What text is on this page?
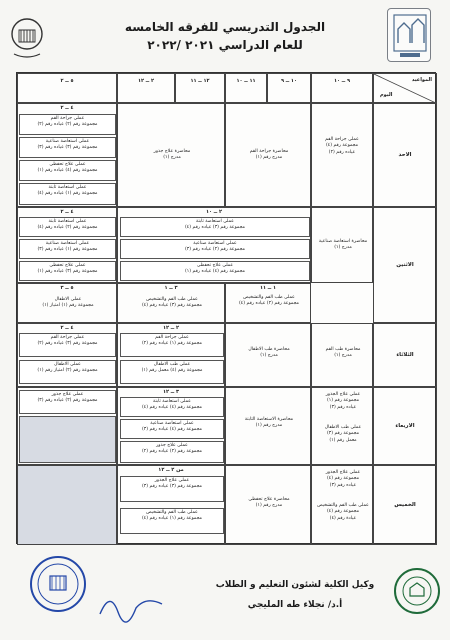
الجدول التدريسي للفرقه الخامسه
للعام الدراسي ٢٠٢١ /٢٠٢٢
المواعيد
اليوم
٩ ــ ١٠
١٠ ــ ٩
١١ ــ ١٠
١٢ ــ ١١
٢ ــ ١٢
٥ ــ ٢
الاحد
الاثنين
الثلاثاء
الاربعاء
الخميس
عملى جراحة الفم
مجموعة رقم (٤)
عياده رقم (٢)
محاضرة جراحة الفم
مدرج رقم (١)
محاضرة علاج جذور
مدرج (١)
٤ ــ ٢
عملى جراحة الفم
مجموعة رقم (٢) عياده رقم (٢)
عملى استعاضة صناعية
مجموعة رقم (٣) عياده رقم (٣)
عملى علاج تحفظى
مجموعة رقم (٤) عياده رقم (١)
عملى استعاضة ثابتة
مجموعة رقم (١) عياده رقم (٤)
محاضرة استعاضة صناعية
مدرج (١)
٢ ــ ١٠
عملى استعاضة ثابتة
مجموعة رقم (٣) عياده رقم (٤)
عملى استعاضة صناعية
مجموعة رقم (٢) عياده رقم (٣)
عملى علاج تحفظى
مجموعة رقم (٤) عياده رقم (١)
٤ ــ ٢
عملى استعاضة ثابتة
مجموعة رقم (٢) عياده رقم (٤)
عملى استعاضة صناعية
مجموعة رقم (١) عياده رقم (٣)
عملى علاج تحفظى
مجموعة رقم (٣) عياده رقم (١)
١ ــ ١١
عملى طب الفم والتشخيص
مجموعة رقم (٢) عياده رقم (٤)
٣ ــ ١
عملى طب الفم والتشخيص
مجموعة رقم (٣) عياده رقم (٤)
٥ ــ ٣
عملى الاطفال
مجموعة رقم (١) امتياز (١)
محاضرة طب الفم
مدرج (١)
محاضرة طب الاطفال
مدرج (١)
٢ ــ ١٢
عملى جراحة الفم
مجموعة رقم (١) عياده رقم (٢)
عملى طب الاطفال
مجموعة رقم (٤) معمل رقم (١)
٤ ــ ٢
عملى جراحة الفم
مجموعة رقم (٣) عياده رقم (٢)
عملى الاطفال
مجموعة رقم (٢) امتياز رقم (١)
عملى علاج الجذور
مجموعة رقم (١)
عياده رقم (٣)
عملى طب الاطفال
مجموعة رقم (٣)
معمل رقم (١)
محاضرة الاستعاضة الثابتة
مدرج رقم (١)
٣ ــ ١٢
عملى استعاضة ثابتة
مجموعة رقم (٤) عياده رقم (٤)
عملى استعاضة صناعية
مجموعة رقم (٤) عياده رقم (٣)
عملى علاج جذور
مجموعة رقم (٢) عياده رقم (٢)
عملى علاج جذور
مجموعة رقم (٢) عياده رقم (٣)
عملى علاج الجذور
مجموعة رقم (٤)
عياده رقم (٣)
عملى طب الفم والتشخيص
مجموعة رقم (٤)
عيادة رقم (٤)
محاضرة علاج تحفظى
مدرج رقم (١)
من ٢ ــ ١٢
عملى علاج الجذور
مجموعة رقم (٣) عياده رقم (٣)
عملى طب الفم والتشخيص
مجموعة رقم (١) عياده رقم (٤)
وكيل الكلية لشئون التعليم و الطلاب
أ.د/ نجلاء طه المليجي
